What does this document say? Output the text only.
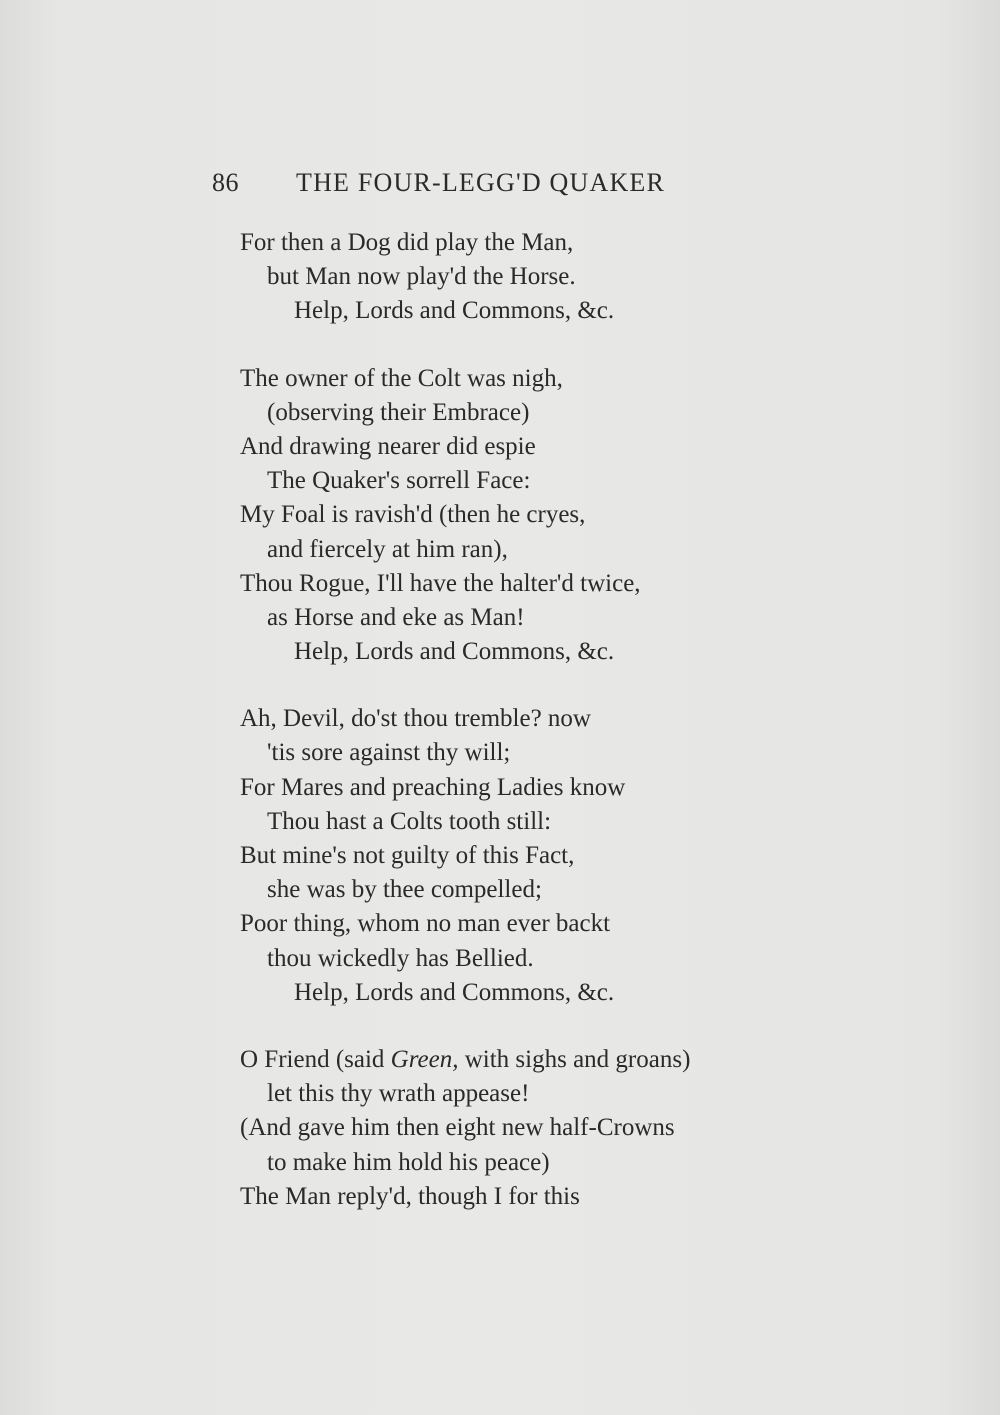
86 THE FOUR-LEGG'D QUAKER
For then a Dog did play the Man,
but Man now play'd the Horse.
Help, Lords and Commons, &c.
The owner of the Colt was nigh,
(observing their Embrace)
And drawing nearer did espie
The Quaker's sorrell Face:
My Foal is ravish'd (then he cryes,
and fiercely at him ran),
Thou Rogue, I'll have the halter'd twice,
as Horse and eke as Man!
Help, Lords and Commons, &c.
Ah, Devil, do'st thou tremble? now
'tis sore against thy will;
For Mares and preaching Ladies know
Thou hast a Colts tooth still:
But mine's not guilty of this Fact,
she was by thee compelled;
Poor thing, whom no man ever backt
thou wickedly has Bellied.
Help, Lords and Commons, &c.
O Friend (said Green, with sighs and groans)
let this thy wrath appease!
(And gave him then eight new half-Crowns
to make him hold his peace)
The Man reply'd, though I for this
